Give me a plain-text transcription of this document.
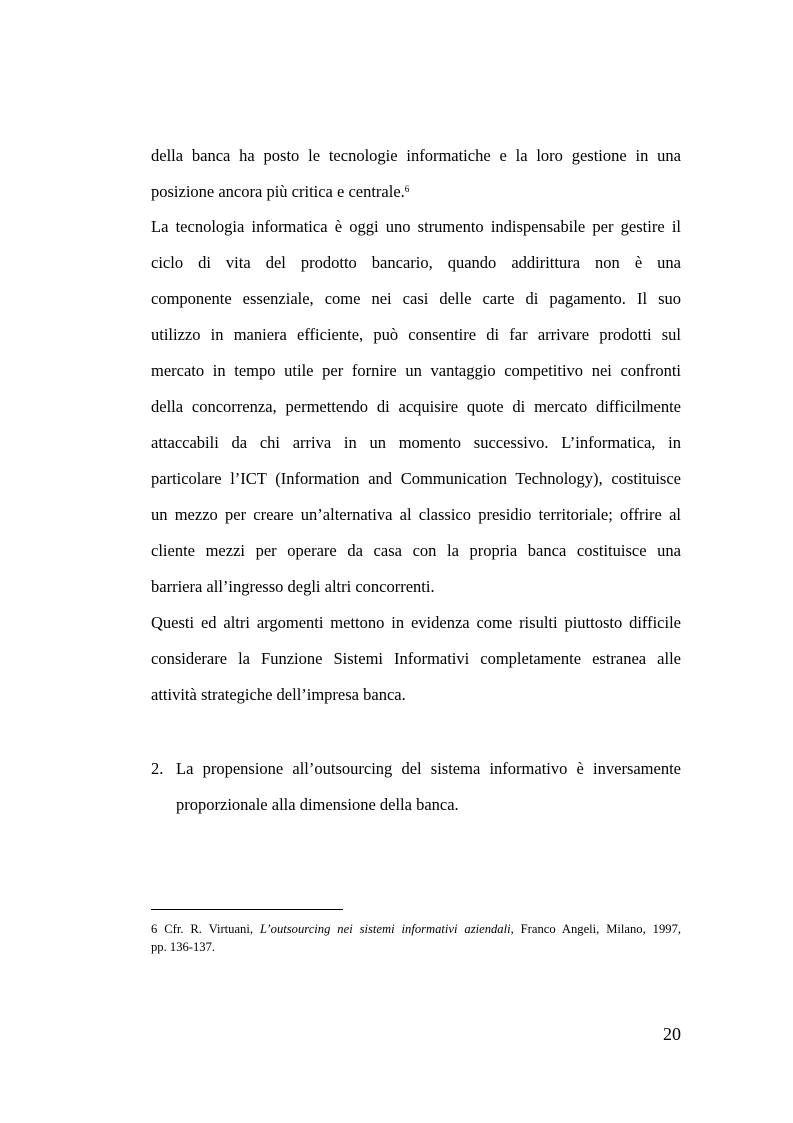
della banca ha posto le tecnologie informatiche e la loro gestione in una
posizione ancora più critica e centrale.$^6$
La tecnologia informatica è oggi uno strumento indispensabile per gestire il
ciclo di vita del prodotto bancario, quando addirittura non è una
componente essenziale, come nei casi delle carte di pagamento. Il suo
utilizzo in maniera efficiente, può consentire di far arrivare prodotti sul
mercato in tempo utile per fornire un vantaggio competitivo nei confronti
della concorrenza, permettendo di acquisire quote di mercato difficilmente
attaccabili da chi arriva in un momento successivo. L’informatica, in
particolare l’ICT (Information and Communication Technology), costituisce
un mezzo per creare un’alternativa al classico presidio territoriale; offrire al
cliente mezzi per operare da casa con la propria banca costituisce una
barriera all’ingresso degli altri concorrenti.
Questi ed altri argomenti mettono in evidenza come risulti piuttosto difficile
considerare la Funzione Sistemi Informativi completamente estranea alle
attività strategiche dell’impresa banca.
2. La propensione all’outsourcing del sistema informativo è inversamente
proporzionale alla dimensione della banca.
6 Cfr. R. Virtuani, L’outsourcing nei sistemi informativi aziendali, Franco Angeli, Milano, 1997,
pp. 136-137.
20
